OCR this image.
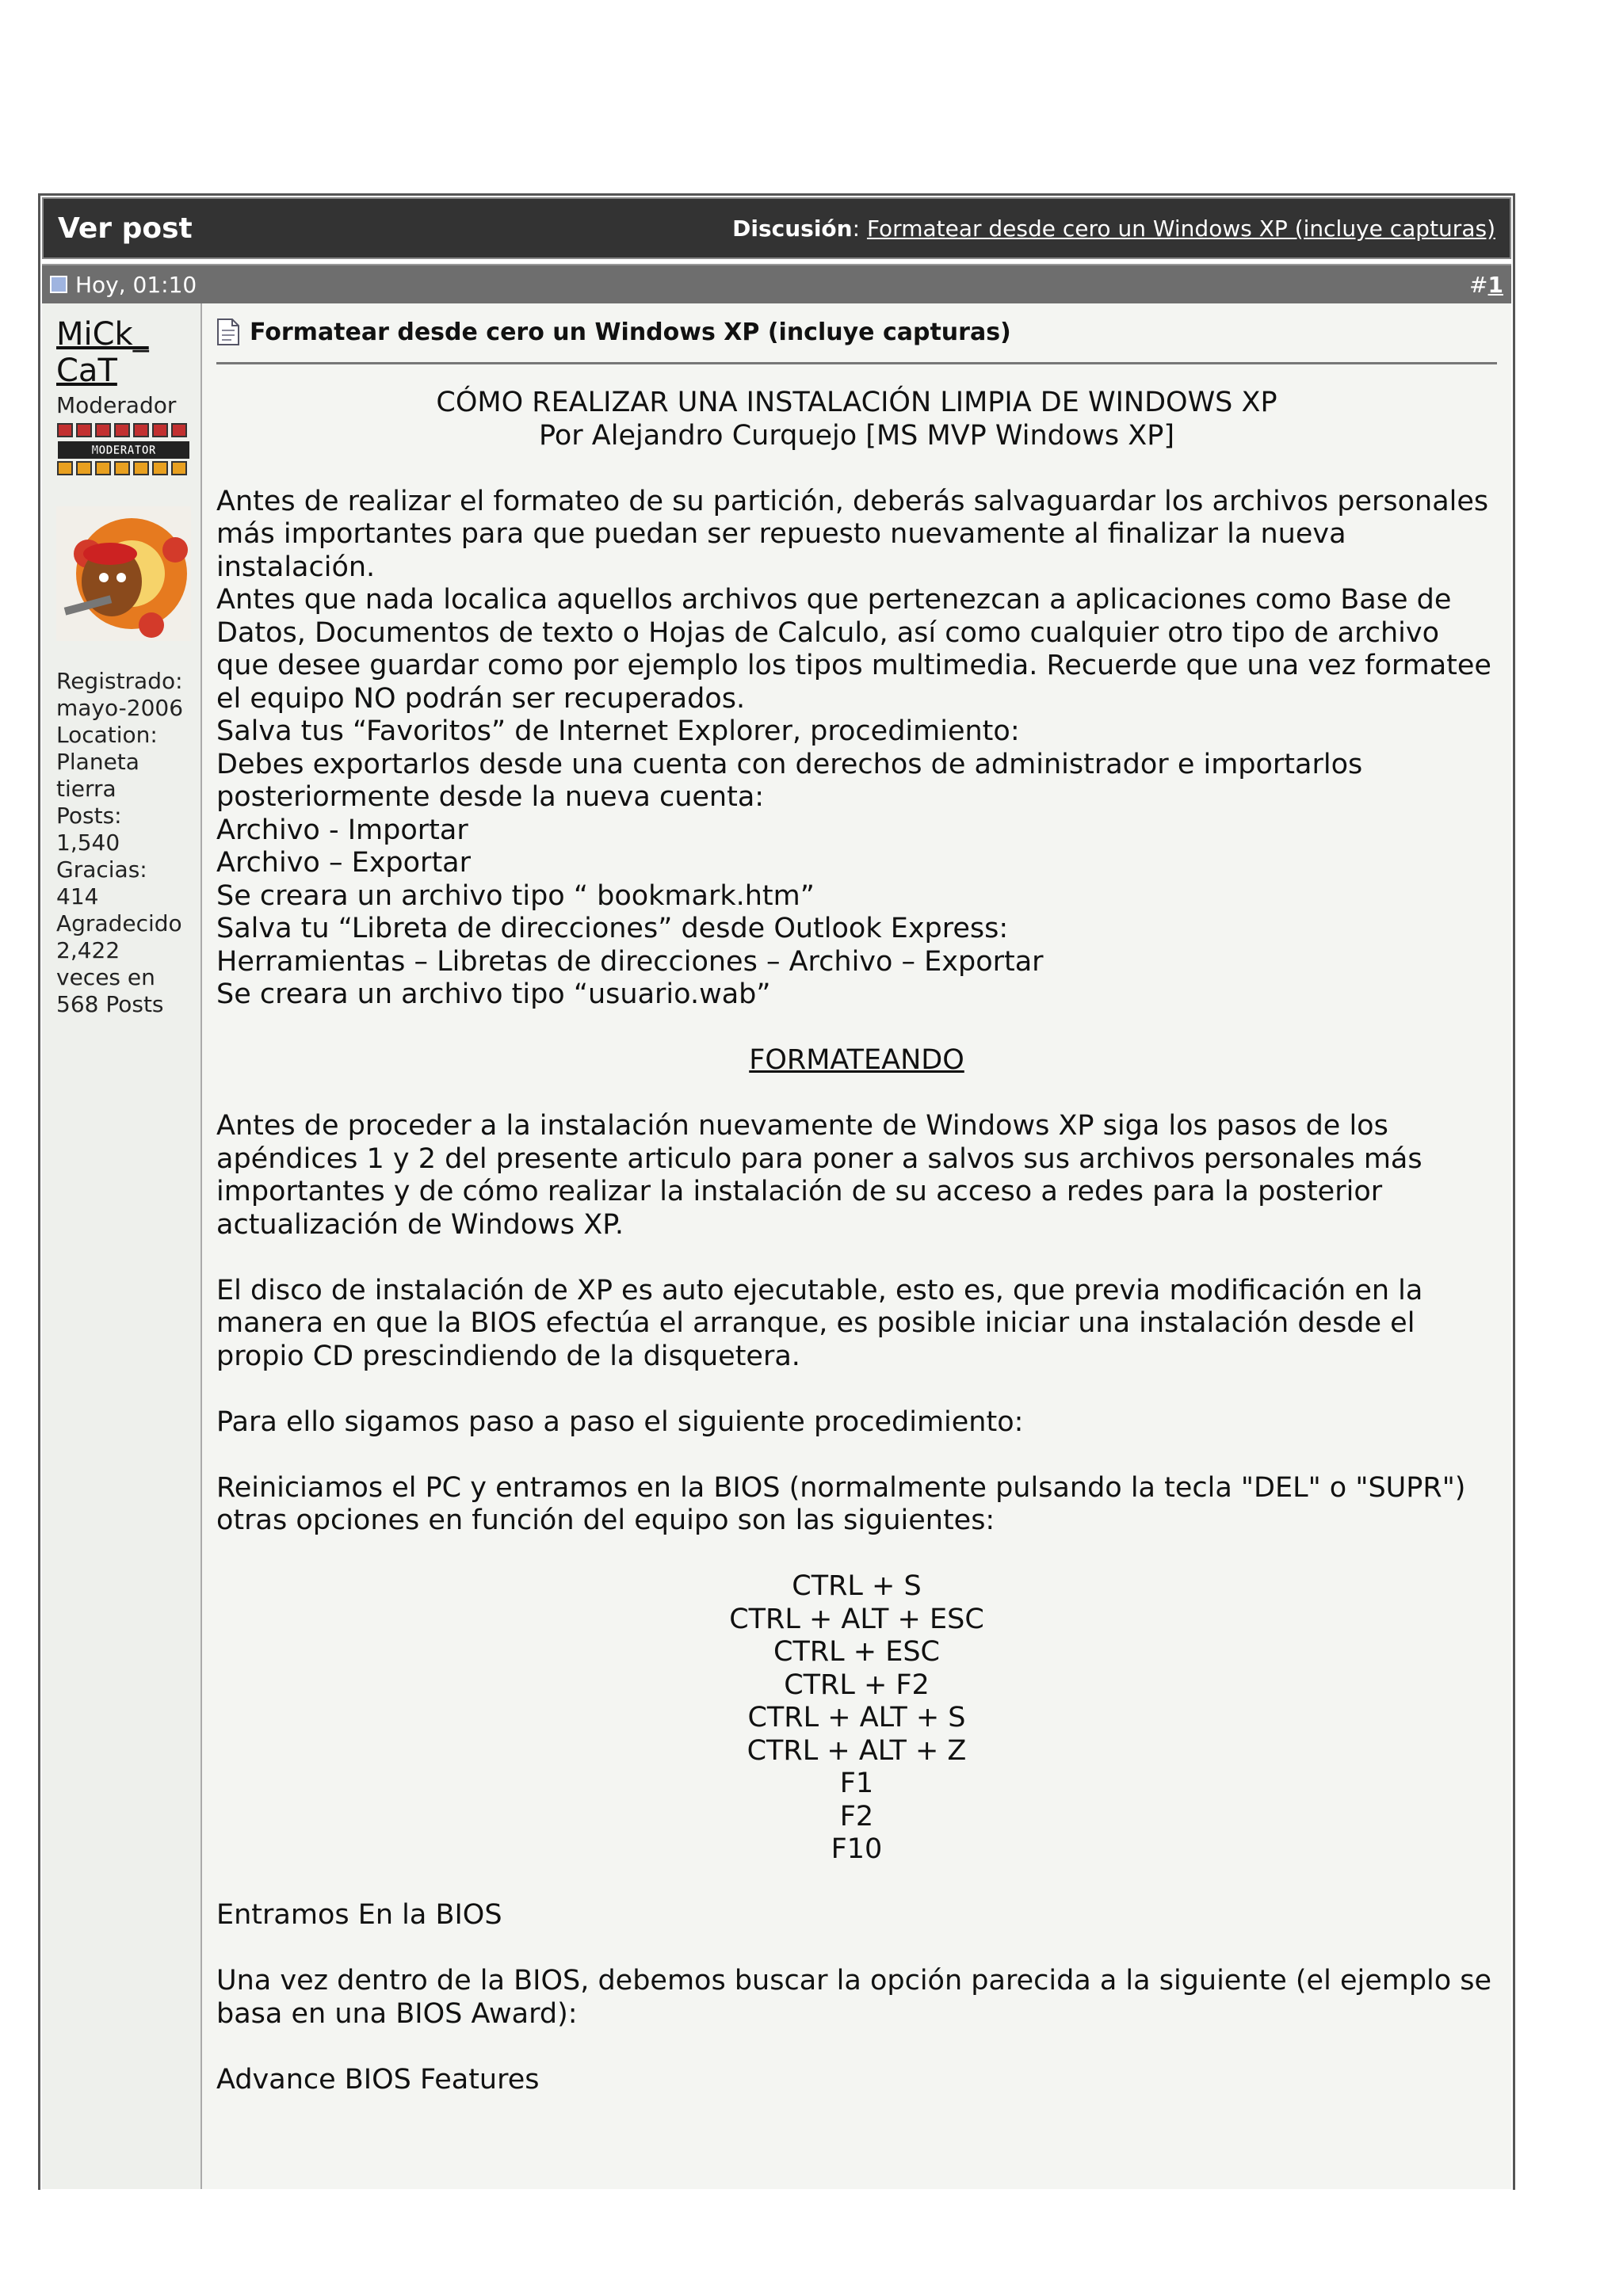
Ver post	Discusión: Formatear desde cero un Windows XP (incluye capturas)
Hoy, 01:10	#1
MiCk_
CaT
Moderador
MODERATOR

Registrado:
mayo-2006
Location:
Planeta
tierra
Posts:
1,540
Gracias:
414
Agradecido
2,422
veces en
568 Posts
Formatear desde cero un Windows XP (incluye capturas)

CÓMO REALIZAR UNA INSTALACIÓN LIMPIA DE WINDOWS XP

Por Alejandro Curquejo [MS MVP Windows XP]

Antes de realizar el formateo de su partición, deberás salvaguardar los archivos personales más importantes para que puedan ser repuesto nuevamente al finalizar la nueva instalación.

Antes que nada localica aquellos archivos que pertenezcan a aplicaciones como Base de Datos, Documentos de texto o Hojas de Calculo, así como cualquier otro tipo de archivo que desee guardar como por ejemplo los tipos multimedia. Recuerde que una vez formatee el equipo NO podrán ser recuperados.

Salva tus “Favoritos” de Internet Explorer, procedimiento:

Debes exportarlos desde una cuenta con derechos de administrador e importarlos posteriormente desde la nueva cuenta:

Archivo - Importar

Archivo – Exportar

Se creara un archivo tipo “ bookmark.htm”

Salva tu “Libreta de direcciones” desde Outlook Express:

Herramientas – Libretas de direcciones – Archivo – Exportar

Se creara un archivo tipo “usuario.wab”

FORMATEANDO

Antes de proceder a la instalación nuevamente de Windows XP siga los pasos de los apéndices 1 y 2 del presente articulo para poner a salvos sus archivos personales más importantes y de cómo realizar la instalación de su acceso a redes para la posterior actualización de Windows XP.

El disco de instalación de XP es auto ejecutable, esto es, que previa modificación en la manera en que la BIOS efectúa el arranque, es posible iniciar una instalación desde el propio CD prescindiendo de la disquetera.

Para ello sigamos paso a paso el siguiente procedimiento:

Reiniciamos el PC y entramos en la BIOS (normalmente pulsando la tecla "DEL" o "SUPR") otras opciones en función del equipo son las siguientes:

CTRL + S

CTRL + ALT + ESC

CTRL + ESC

CTRL + F2

CTRL + ALT + S

CTRL + ALT + Z

F1

F2

F10

Entramos En la BIOS

Una vez dentro de la BIOS, debemos buscar la opción parecida a la siguiente (el ejemplo se basa en una BIOS Award):

Advance BIOS Features
